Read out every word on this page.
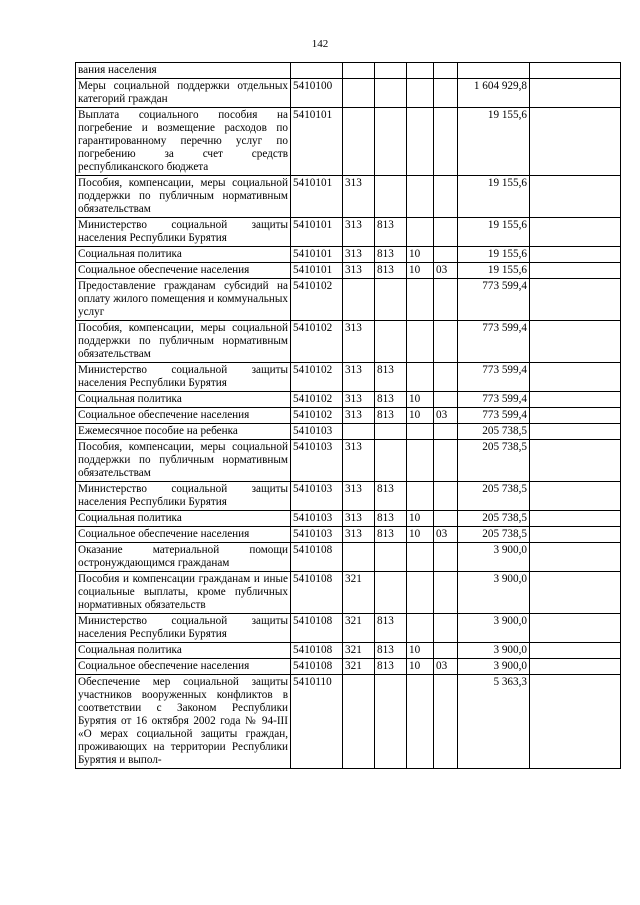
142
вания населения							
Меры социальной поддержки отдельных категорий граждан	5410100					1 604 929,8	
Выплата социального пособия на погребение и возмещение расходов по гарантированному перечню услуг по погребению за счет средств республиканского бюджета	5410101					19 155,6	
Пособия, компенсации, меры социальной поддержки по публичным нормативным обязательствам	5410101	313				19 155,6	
Министерство социальной защиты населения Республики Бурятия	5410101	313	813			19 155,6	
Социальная политика	5410101	313	813	10		19 155,6	
Социальное обеспечение населения	5410101	313	813	10	03	19 155,6	
Предоставление гражданам субсидий на оплату жилого помещения и коммунальных услуг	5410102					773 599,4	
Пособия, компенсации, меры социальной поддержки по публичным нормативным обязательствам	5410102	313				773 599,4	
Министерство социальной защиты населения Республики Бурятия	5410102	313	813			773 599,4	
Социальная политика	5410102	313	813	10		773 599,4	
Социальное обеспечение населения	5410102	313	813	10	03	773 599,4	
Ежемесячное пособие на ребенка	5410103					205 738,5	
Пособия, компенсации, меры социальной поддержки по публичным нормативным обязательствам	5410103	313				205 738,5	
Министерство социальной защиты населения Республики Бурятия	5410103	313	813			205 738,5	
Социальная политика	5410103	313	813	10		205 738,5	
Социальное обеспечение населения	5410103	313	813	10	03	205 738,5	
Оказание материальной помощи остронуждающимся гражданам	5410108					3 900,0	
Пособия и компенсации гражданам и иные социальные выплаты, кроме публичных нормативных обязательств	5410108	321				3 900,0	
Министерство социальной защиты населения Республики Бурятия	5410108	321	813			3 900,0	
Социальная политика	5410108	321	813	10		3 900,0	
Социальное обеспечение населения	5410108	321	813	10	03	3 900,0	
Обеспечение мер социальной защиты участников вооруженных конфликтов в соответствии с Законом Республики Бурятия от 16 октября 2002 года № 94-III «О мерах социальной защиты граждан, проживающих на территории Республики Бурятия и выпол-	5410110					5 363,3	
